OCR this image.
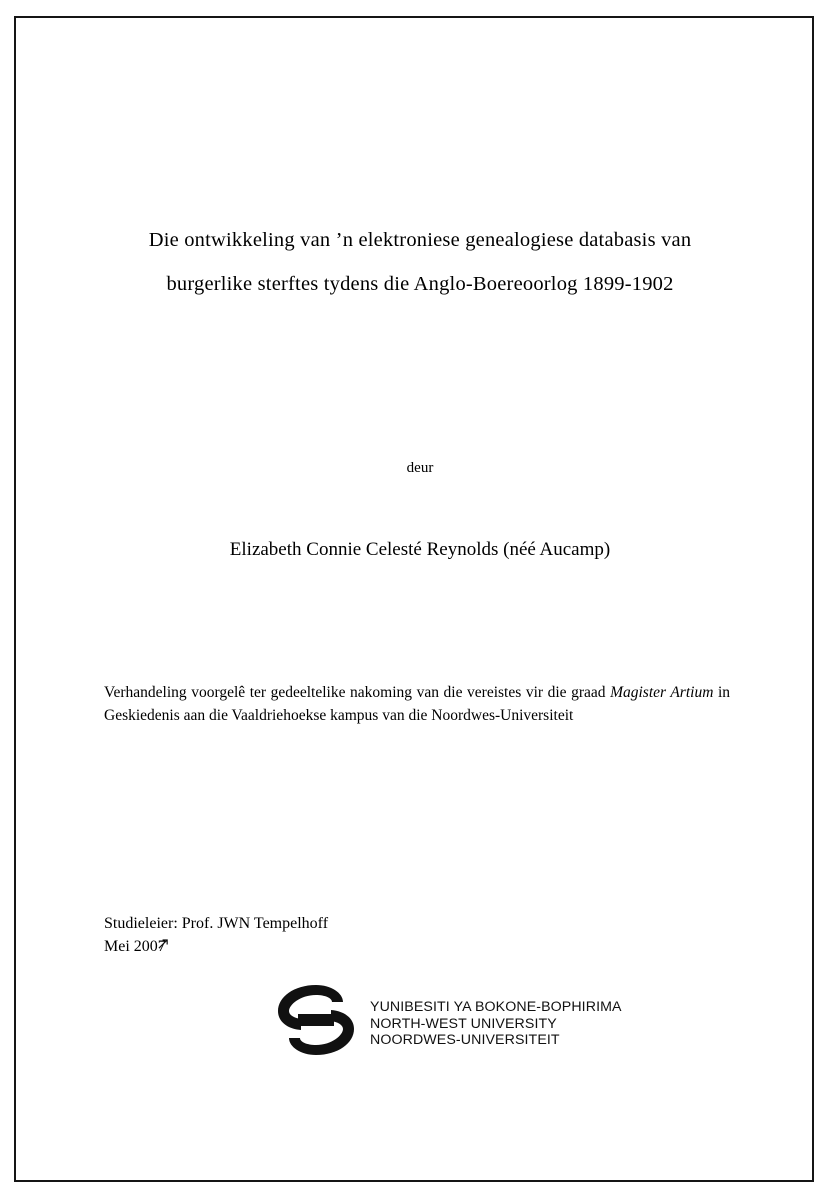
Die ontwikkeling van ’n elektroniese genealogiese databasis van
burgerlike sterftes tydens die Anglo-Boereoorlog 1899-1902
deur
Elizabeth Connie Celesté Reynolds (néé Aucamp)
Verhandeling voorgelê ter gedeeltelike nakoming van die vereistes vir die graad Magister Artium in Geskiedenis aan die Vaaldriehoekse kampus van die Noordwes-Universiteit
Studieleier: Prof. JWN Tempelhoff
Mei 2007
YUNIBESITI YA BOKONE-BOPHIRIMA
NORTH-WEST UNIVERSITY
NOORDWES-UNIVERSITEIT
